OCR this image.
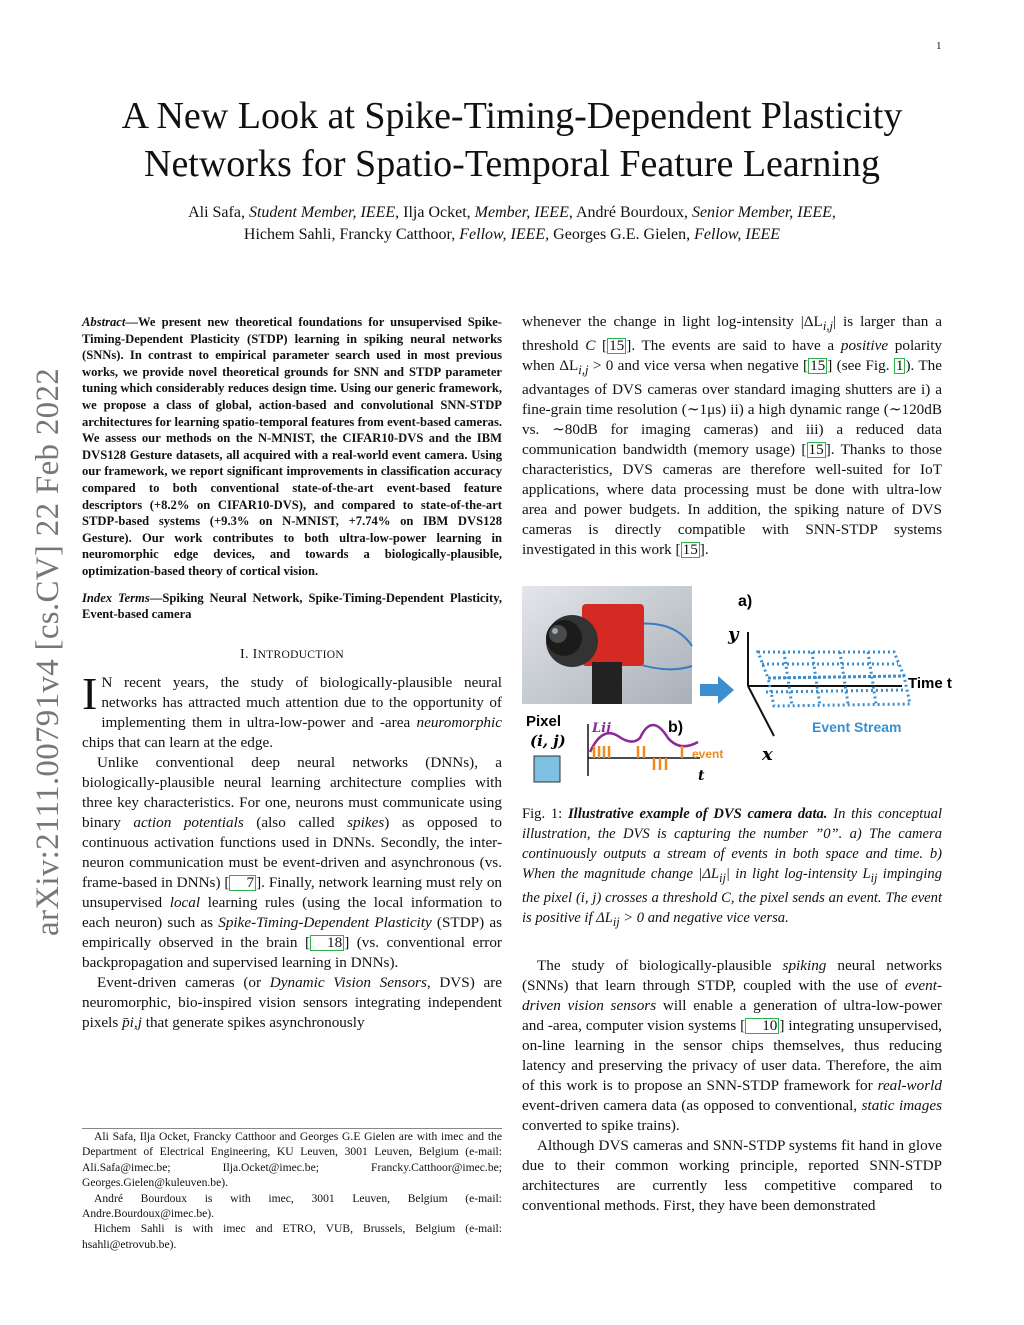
1
arXiv:2111.00791v4 [cs.CV] 22 Feb 2022
A New Look at Spike-Timing-Dependent Plasticity
Networks for Spatio-Temporal Feature Learning
Ali Safa, Student Member, IEEE, Ilja Ocket, Member, IEEE, André Bourdoux, Senior Member, IEEE,
Hichem Sahli, Francky Catthoor, Fellow, IEEE, Georges G.E. Gielen, Fellow, IEEE

Abstract—We present new theoretical foundations for unsupervised Spike-Timing-Dependent Plasticity (STDP) learning in spiking neural networks (SNNs). In contrast to empirical parameter search used in most previous works, we provide novel theoretical grounds for SNN and STDP parameter tuning which considerably reduces design time. Using our generic framework, we propose a class of global, action-based and convolutional SNN-STDP architectures for learning spatio-temporal features from event-based cameras. We assess our methods on the N-MNIST, the CIFAR10-DVS and the IBM DVS128 Gesture datasets, all acquired with a real-world event camera. Using our framework, we report significant improvements in classification accuracy compared to both conventional state-of-the-art event-based feature descriptors (+8.2% on CIFAR10-DVS), and compared to state-of-the-art STDP-based systems (+9.3% on N-MNIST, +7.74% on IBM DVS128 Gesture). Our work contributes to both ultra-low-power learning in neuromorphic edge devices, and towards a biologically-plausible, optimization-based theory of cortical vision.

Index Terms—Spiking Neural Network, Spike-Timing-Dependent Plasticity, Event-based camera

I. INTRODUCTION

I N recent years, the study of biologically-plausible neural networks has attracted much attention due to the opportunity of implementing them in ultra-low-power and -area neuromorphic chips that can learn at the edge.

Unlike conventional deep neural networks (DNNs), a biologically-plausible neural learning architecture complies with three key characteristics. For one, neurons must communicate using binary action potentials (also called spikes) as opposed to continuous activation functions used in DNNs. Secondly, the inter-neuron communication must be event-driven and asynchronous (vs. frame-based in DNNs) [ 7 ]. Finally, network learning must rely on unsupervised local learning rules (using the local information to each neuron) such as Spike-Timing-Dependent Plasticity (STDP) as empirically observed in the brain [ 18 ] (vs. conventional error backpropagation and supervised learning in DNNs).

Event-driven cameras (or Dynamic Vision Sensors, DVS) are neuromorphic, bio-inspired vision sensors integrating independent pixels p̄i,j that generate spikes asynchronously

Ali Safa, Ilja Ocket, Francky Catthoor and Georges G.E Gielen are with imec and the Department of Electrical Engineering, KU Leuven, 3001 Leuven, Belgium (e-mail: Ali.Safa@imec.be; Ilja.Ocket@imec.be; Francky.Catthoor@imec.be; Georges.Gielen@kuleuven.be).

André Bourdoux is with imec, 3001 Leuven, Belgium (e-mail: Andre.Bourdoux@imec.be).

Hichem Sahli is with imec and ETRO, VUB, Brussels, Belgium (e-mail: hsahli@etrovub.be).

whenever the change in light log-intensity $|\Delta L_{i,j}|$ is larger than a threshold C [ 15 ]. The events are said to have a positive polarity when $\Delta L_{i,j} > 0$ and vice versa when negative [ 15 ] (see Fig. 1 ). The advantages of DVS cameras over standard imaging shutters are i) a fine-grain time resolution (∼1μs) ii) a high dynamic range (∼120dB vs. ∼80dB for imaging cameras) and iii) a reduced data communication bandwidth (memory usage) [ 15 ]. Thanks to those characteristics, DVS cameras are therefore well-suited for IoT applications, where data processing must be done with ultra-low area and power budgets. In addition, the spiking nature of DVS cameras is directly compatible with SNN-STDP systems investigated in this work [ 15 ].

a)
y
x
Time t
Event Stream
Pixel
(i, j)
b)
Lij
event
t

Fig. 1: Illustrative example of DVS camera data. In this conceptual illustration, the DVS is capturing the number ”0”. a) The camera continuously outputs a stream of events in both space and time. b) When the magnitude change $|\Delta L_{ij}|$ in light log-intensity $L_{ij}$ impinging the pixel (i, j) crosses a threshold C, the pixel sends an event. The event is positive if $\Delta L_{ij} > 0$ and negative vice versa.

The study of biologically-plausible spiking neural networks (SNNs) that learn through STDP, coupled with the use of event-driven vision sensors will enable a generation of ultra-low-power and -area, computer vision systems [ 10 ] integrating unsupervised, on-line learning in the sensor chips themselves, thus reducing latency and preserving the privacy of user data. Therefore, the aim of this work is to propose an SNN-STDP framework for real-world event-driven camera data (as opposed to conventional, static images converted to spike trains).

Although DVS cameras and SNN-STDP systems fit hand in glove due to their common working principle, reported SNN-STDP architectures are currently less competitive compared to conventional methods. First, they have been demonstrated
